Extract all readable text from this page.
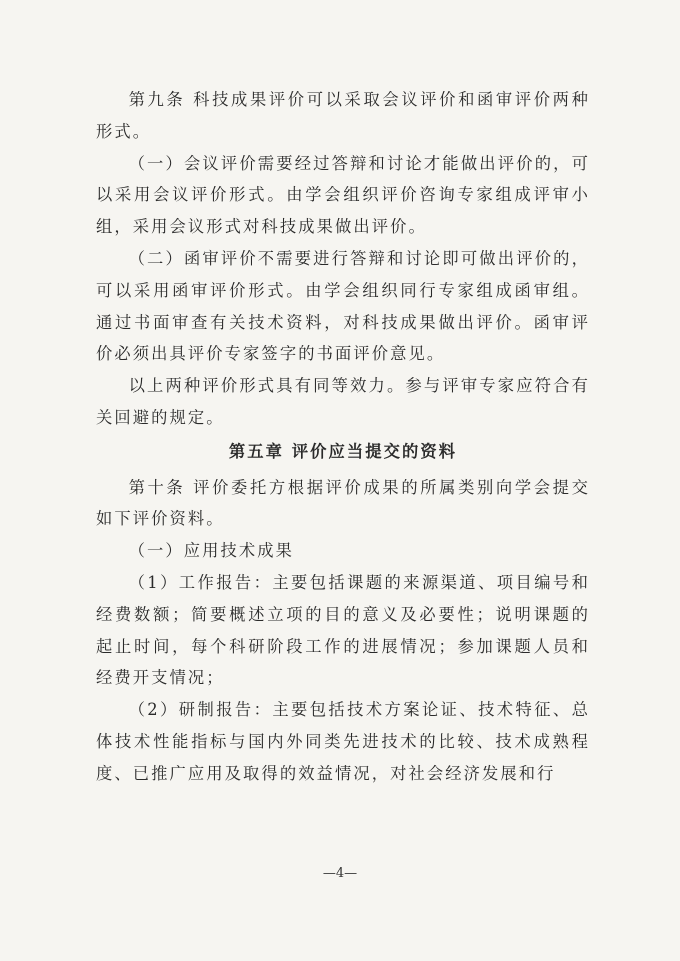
第九条 科技成果评价可以采取会议评价和函审评价两种形式。

（一）会议评价需要经过答辩和讨论才能做出评价的，可以采用会议评价形式。由学会组织评价咨询专家组成评审小组，采用会议形式对科技成果做出评价。

（二）函审评价不需要进行答辩和讨论即可做出评价的，可以采用函审评价形式。由学会组织同行专家组成函审组。通过书面审查有关技术资料，对科技成果做出评价。函审评价必须出具评价专家签字的书面评价意见。

以上两种评价形式具有同等效力。参与评审专家应符合有关回避的规定。

第五章 评价应当提交的资料

第十条 评价委托方根据评价成果的所属类别向学会提交如下评价资料。

（一）应用技术成果

（1）工作报告：主要包括课题的来源渠道、项目编号和经费数额；简要概述立项的目的意义及必要性；说明课题的起止时间，每个科研阶段工作的进展情况；参加课题人员和经费开支情况；

（2）研制报告：主要包括技术方案论证、技术特征、总体技术性能指标与国内外同类先进技术的比较、技术成熟程度、已推广应用及取得的效益情况，对社会经济发展和行

—4—
